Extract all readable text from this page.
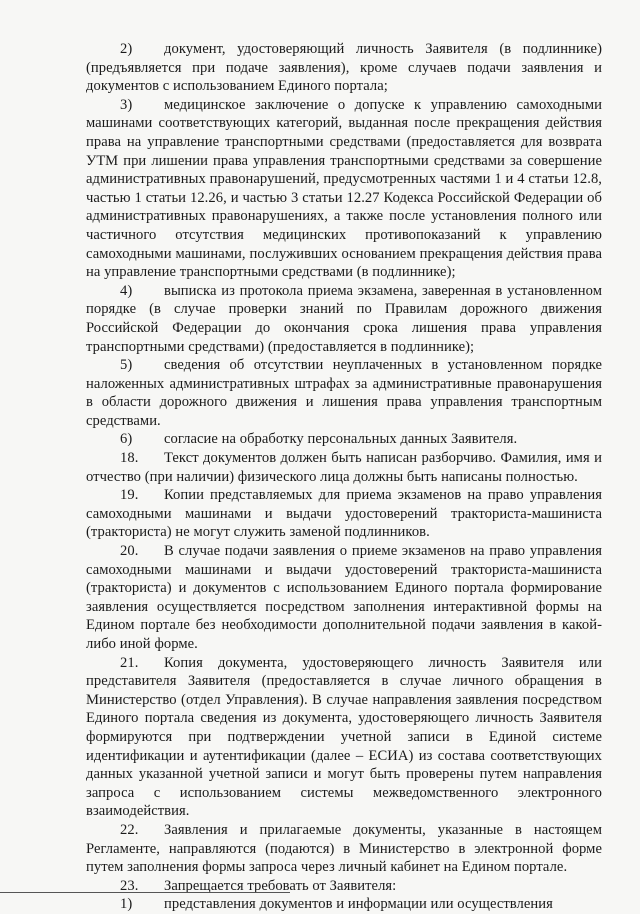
2) документ, удостоверяющий личность Заявителя (в подлиннике) (предъявляется при подаче заявления), кроме случаев подачи заявления и документов с использованием Единого портала;

3) медицинское заключение о допуске к управлению самоходными машинами соответствующих категорий, выданная после прекращения действия права на управление транспортными средствами (предоставляется для возврата УТМ при лишении права управления транспортными средствами за совершение административных правонарушений, предусмотренных частями 1 и 4 статьи 12.8, частью 1 статьи 12.26, и частью 3 статьи 12.27 Кодекса Российской Федерации об административных правонарушениях, а также после установления полного или частичного отсутствия медицинских противопоказаний к управлению самоходными машинами, послуживших основанием прекращения действия права на управление транспортными средствами (в подлиннике);

4) выписка из протокола приема экзамена, заверенная в установленном порядке (в случае проверки знаний по Правилам дорожного движения Российской Федерации до окончания срока лишения права управления транспортными средствами) (предоставляется в подлиннике);

5) сведения об отсутствии неуплаченных в установленном порядке наложенных административных штрафах за административные правонарушения в области дорожного движения и лишения права управления транспортным средствами.

6) согласие на обработку персональных данных Заявителя.

18. Текст документов должен быть написан разборчиво. Фамилия, имя и отчество (при наличии) физического лица должны быть написаны полностью.

19. Копии представляемых для приема экзаменов на право управления самоходными машинами и выдачи удостоверений тракториста-машиниста (тракториста) не могут служить заменой подлинников.

20. В случае подачи заявления о приеме экзаменов на право управления самоходными машинами и выдачи удостоверений тракториста-машиниста (тракториста) и документов с использованием Единого портала формирование заявления осуществляется посредством заполнения интерактивной формы на Едином портале без необходимости дополнительной подачи заявления в какой-либо иной форме.

21. Копия документа, удостоверяющего личность Заявителя или представителя Заявителя (предоставляется в случае личного обращения в Министерство (отдел Управления). В случае направления заявления посредством Единого портала сведения из документа, удостоверяющего личность Заявителя формируются при подтверждении учетной записи в Единой системе идентификации и аутентификации (далее – ЕСИА) из состава соответствующих данных указанной учетной записи и могут быть проверены путем направления запроса с использованием системы межведомственного электронного взаимодействия.

22. Заявления и прилагаемые документы, указанные в настоящем Регламенте, направляются (подаются) в Министерство в электронной форме путем заполнения формы запроса через личный кабинет на Едином портале.

23. Запрещается требовать от Заявителя:

1) представления документов и информации или осуществления
